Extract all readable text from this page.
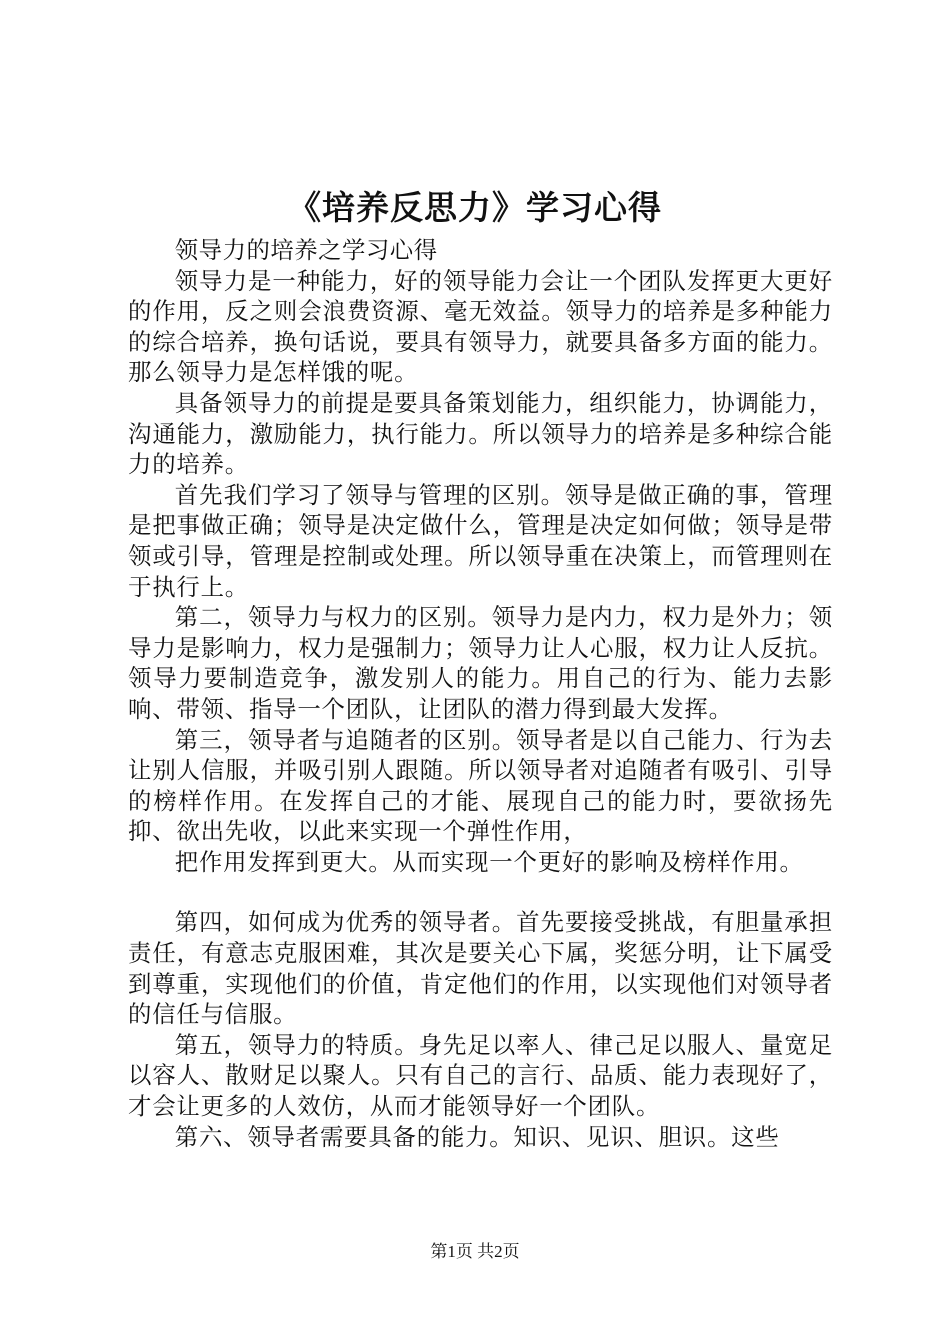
《培养反思力》学习心得

领导力的培养之学习心得

领导力是一种能力，好的领导能力会让一个团队发挥更大更好的作用，反之则会浪费资源、毫无效益。领导力的培养是多种能力的综合培养，换句话说，要具有领导力，就要具备多方面的能力。那么领导力是怎样饿的呢。

具备领导力的前提是要具备策划能力，组织能力，协调能力，沟通能力，激励能力，执行能力。所以领导力的培养是多种综合能力的培养。

首先我们学习了领导与管理的区别。领导是做正确的事，管理是把事做正确；领导是决定做什么，管理是决定如何做；领导是带领或引导，管理是控制或处理。所以领导重在决策上，而管理则在于执行上。

第二，领导力与权力的区别。领导力是内力，权力是外力；领导力是影响力，权力是强制力；领导力让人心服，权力让人反抗。领导力要制造竞争，激发别人的能力。用自己的行为、能力去影响、带领、指导一个团队，让团队的潜力得到最大发挥。

第三，领导者与追随者的区别。领导者是以自己能力、行为去让别人信服，并吸引别人跟随。所以领导者对追随者有吸引、引导的榜样作用。在发挥自己的才能、展现自己的能力时，要欲扬先抑、欲出先收，以此来实现一个弹性作用，

把作用发挥到更大。从而实现一个更好的影响及榜样作用。

第四，如何成为优秀的领导者。首先要接受挑战，有胆量承担责任，有意志克服困难，其次是要关心下属，奖惩分明，让下属受到尊重，实现他们的价值，肯定他们的作用，以实现他们对领导者的信任与信服。

第五，领导力的特质。身先足以率人、律己足以服人、量宽足以容人、散财足以聚人。只有自己的言行、品质、能力表现好了，才会让更多的人效仿，从而才能领导好一个团队。

第六、领导者需要具备的能力。知识、见识、胆识。这些

第1页 共2页
